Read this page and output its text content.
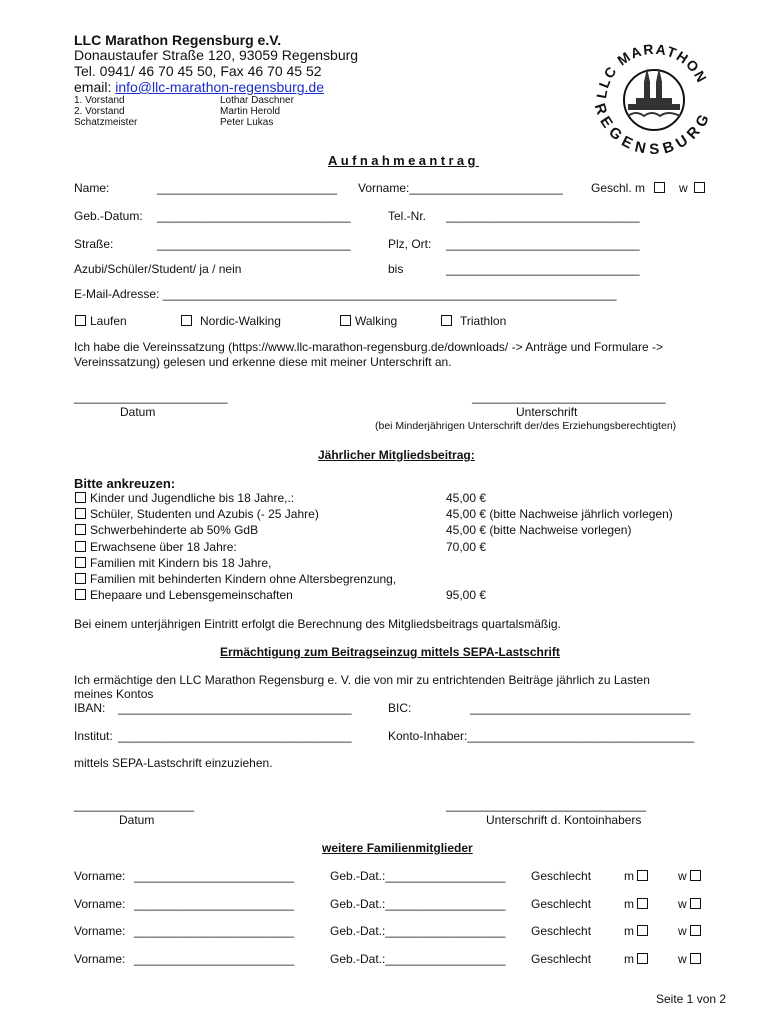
LLC Marathon Regensburg e.V.
Donaustaufer Straße 120, 93059 Regensburg
Tel. 0941/ 46 70 45 50, Fax 46 70 45 52
email: info@llc-marathon-regensburg.de
1. Vorstand	Lothar Daschner
2. Vorstand	Martin Herold
Schatzmeister	Peter Lukas
LLC MARATHON
REGENSBURG
Aufnahmeantrag
Name:	___________________________ Vorname:_______________________ Geschl. m	w
Geb.-Datum: _____________________________	Tel.-Nr. _____________________________
Straße:	_____________________________	Plz, Ort: _____________________________
Azubi/Schüler/Student/ ja / nein	bis	_____________________________
E-Mail-Adresse: ____________________________________________________________________
Laufen	Nordic-Walking	Walking	Triathlon
Ich habe die Vereinssatzung (https://www.llc-marathon-regensburg.de/downloads/ -> Anträge und Formulare ->
Vereinssatzung) gelesen und erkenne diese mit meiner Unterschrift an.
_______________________
Datum
_____________________________
Unterschrift
(bei Minderjährigen Unterschrift der/des Erziehungsberechtigten)
Jährlicher Mitgliedsbeitrag:
Bitte ankreuzen:
Kinder und Jugendliche bis 18 Jahre,.:	45,00 €
Schüler, Studenten und Azubis (- 25 Jahre)	45,00 € (bitte Nachweise jährlich vorlegen)
Schwerbehinderte ab 50% GdB	45,00 € (bitte Nachweise vorlegen)
Erwachsene über 18 Jahre:	70,00 €
Familien mit Kindern bis 18 Jahre,
Familien mit behinderten Kindern ohne Altersbegrenzung,
Ehepaare und Lebensgemeinschaften	95,00 €
Bei einem unterjährigen Eintritt erfolgt die Berechnung des Mitgliedsbeitrags quartalsmäßig.
Ermächtigung zum Beitragseinzug mittels SEPA-Lastschrift
Ich ermächtige den LLC Marathon Regensburg e. V. die von mir zu entrichtenden Beiträge jährlich zu Lasten
meines Kontos
IBAN: ___________________________________	BIC:	_________________________________
Institut: ___________________________________	Konto-Inhaber:__________________________________
mittels SEPA-Lastschrift einzuziehen.
__________________
Datum
______________________________
Unterschrift d. Kontoinhabers
weitere Familienmitglieder
Vorname: ________________________	Geb.-Dat.:__________________ Geschlecht	m	w
Vorname: ________________________	Geb.-Dat.:__________________ Geschlecht	m	w
Vorname: ________________________	Geb.-Dat.:__________________ Geschlecht	m	w
Vorname: ________________________	Geb.-Dat.:__________________ Geschlecht	m	w
Seite 1 von 2
